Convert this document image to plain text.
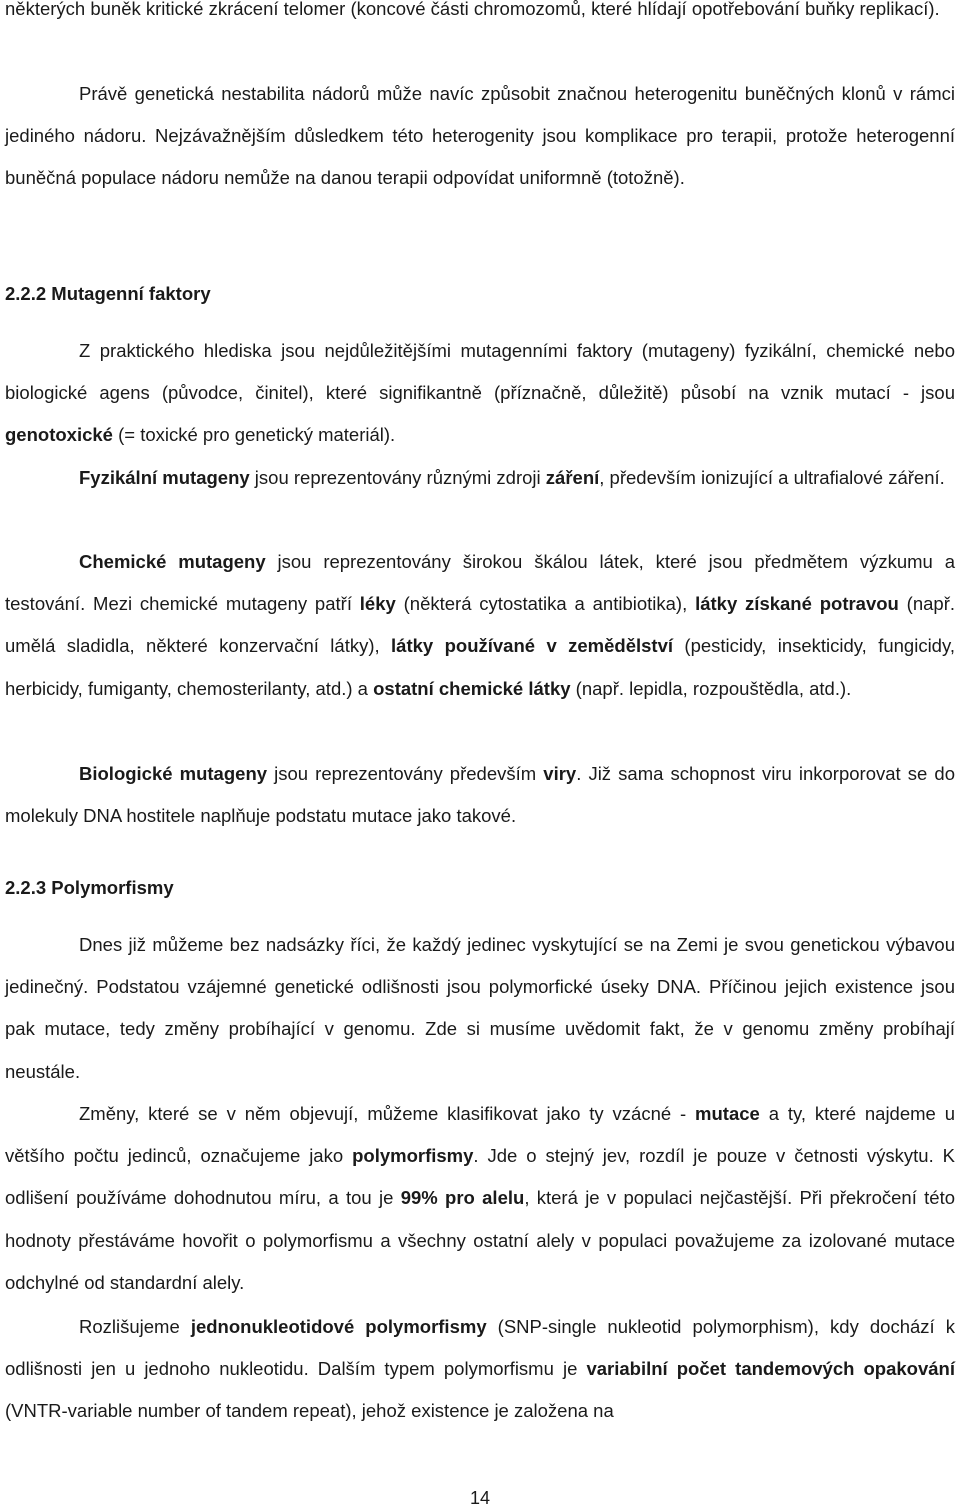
některých buněk kritické zkrácení telomer (koncové části chromozomů, které hlídají opotřebování buňky replikací).

Právě genetická nestabilita nádorů může navíc způsobit značnou heterogenitu buněčných klonů v rámci jediného nádoru. Nejzávažnějším důsledkem této heterogenity jsou komplikace pro terapii, protože heterogenní buněčná populace nádoru nemůže na danou terapii odpovídat uniformně (totožně).

2.2.2 Mutagenní faktory

Z praktického hlediska jsou nejdůležitějšími mutagenními faktory (mutageny) fyzikální, chemické nebo biologické agens (původce, činitel), které signifikantně (příznačně, důležitě) působí na vznik mutací - jsou genotoxické (= toxické pro genetický materiál).

Fyzikální mutageny jsou reprezentovány různými zdroji záření, především ionizující a ultrafialové záření.

Chemické mutageny jsou reprezentovány širokou škálou látek, které jsou předmětem výzkumu a testování. Mezi chemické mutageny patří léky (některá cytostatika a antibiotika), látky získané potravou (např. umělá sladidla, některé konzervační látky), látky používané v zemědělství (pesticidy, insekticidy, fungicidy, herbicidy, fumiganty, chemosterilanty, atd.) a ostatní chemické látky (např. lepidla, rozpouštědla, atd.).

Biologické mutageny jsou reprezentovány především viry. Již sama schopnost viru inkorporovat se do molekuly DNA hostitele naplňuje podstatu mutace jako takové.

2.2.3 Polymorfismy

Dnes již můžeme bez nadsázky říci, že každý jedinec vyskytující se na Zemi je svou genetickou výbavou jedinečný. Podstatou vzájemné genetické odlišnosti jsou polymorfické úseky DNA. Příčinou jejich existence jsou pak mutace, tedy změny probíhající v genomu. Zde si musíme uvědomit fakt, že v genomu změny probíhají neustále.

Změny, které se v něm objevují, můžeme klasifikovat jako ty vzácné - mutace a ty, které najdeme u většího počtu jedinců, označujeme jako polymorfismy. Jde o stejný jev, rozdíl je pouze v četnosti výskytu. K odlišení používáme dohodnutou míru, a tou je 99% pro alelu, která je v populaci nejčastější. Při překročení této hodnoty přestáváme hovořit o polymorfismu a všechny ostatní alely v populaci považujeme za izolované mutace odchylné od standardní alely.

Rozlišujeme jednonukleotidové polymorfismy (SNP-single nukleotid polymorphism), kdy dochází k odlišnosti jen u jednoho nukleotidu. Dalším typem polymorfismu je variabilní počet tandemových opakování (VNTR-variable number of tandem repeat), jehož existence je založena na

14
